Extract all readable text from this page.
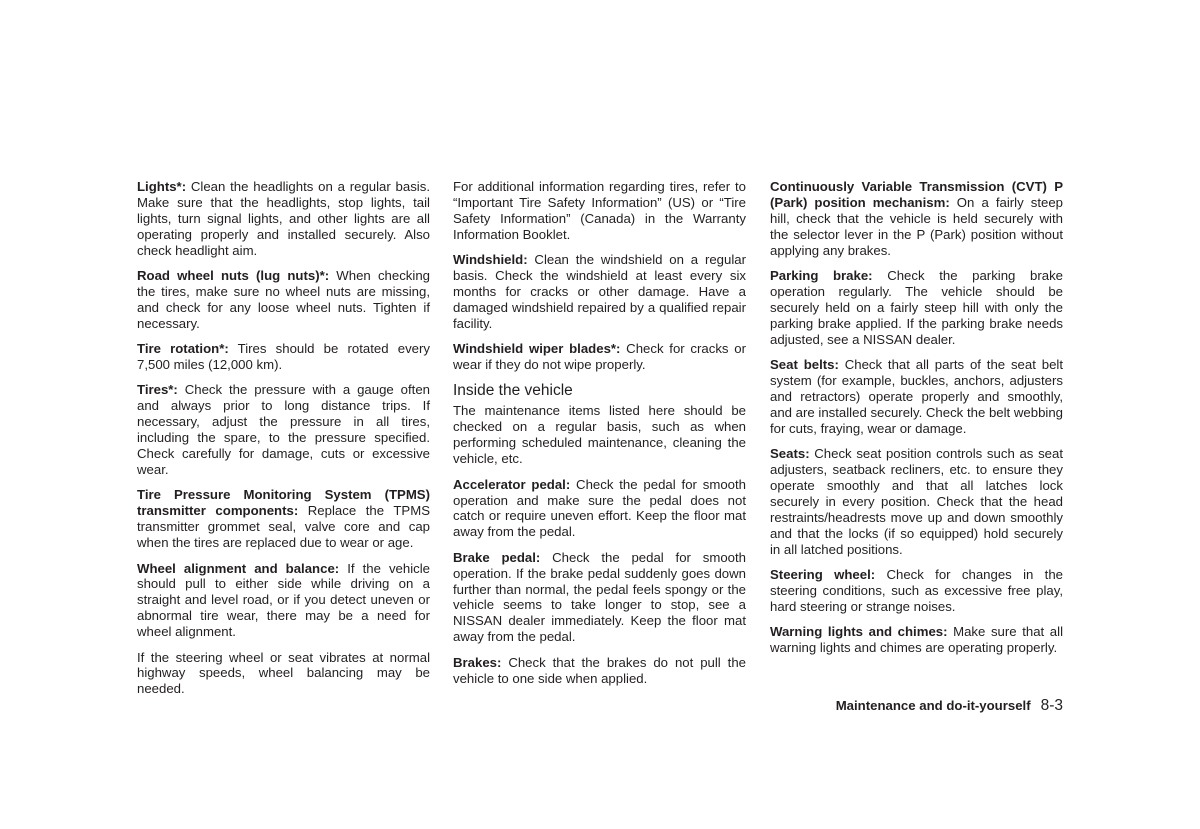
Lights*: Clean the headlights on a regular basis. Make sure that the headlights, stop lights, tail lights, turn signal lights, and other lights are all operating properly and installed securely. Also check headlight aim.

Road wheel nuts (lug nuts)*: When checking the tires, make sure no wheel nuts are missing, and check for any loose wheel nuts. Tighten if necessary.

Tire rotation*: Tires should be rotated every 7,500 miles (12,000 km).

Tires*: Check the pressure with a gauge often and always prior to long distance trips. If necessary, adjust the pressure in all tires, including the spare, to the pressure specified. Check carefully for damage, cuts or excessive wear.

Tire Pressure Monitoring System (TPMS) transmitter components: Replace the TPMS transmitter grommet seal, valve core and cap when the tires are replaced due to wear or age.

Wheel alignment and balance: If the vehicle should pull to either side while driving on a straight and level road, or if you detect uneven or abnormal tire wear, there may be a need for wheel alignment.

If the steering wheel or seat vibrates at normal highway speeds, wheel balancing may be needed.

For additional information regarding tires, refer to “Important Tire Safety Information” (US) or “Tire Safety Information” (Canada) in the Warranty Information Booklet.

Windshield: Clean the windshield on a regular basis. Check the windshield at least every six months for cracks or other damage. Have a damaged windshield repaired by a qualified repair facility.

Windshield wiper blades*: Check for cracks or wear if they do not wipe properly.

Inside the vehicle

The maintenance items listed here should be checked on a regular basis, such as when performing scheduled maintenance, cleaning the vehicle, etc.

Accelerator pedal: Check the pedal for smooth operation and make sure the pedal does not catch or require uneven effort. Keep the floor mat away from the pedal.

Brake pedal: Check the pedal for smooth operation. If the brake pedal suddenly goes down further than normal, the pedal feels spongy or the vehicle seems to take longer to stop, see a NISSAN dealer immediately. Keep the floor mat away from the pedal.

Brakes: Check that the brakes do not pull the vehicle to one side when applied.

Continuously Variable Transmission (CVT) P (Park) position mechanism: On a fairly steep hill, check that the vehicle is held securely with the selector lever in the P (Park) position without applying any brakes.

Parking brake: Check the parking brake operation regularly. The vehicle should be securely held on a fairly steep hill with only the parking brake applied. If the parking brake needs adjusted, see a NISSAN dealer.

Seat belts: Check that all parts of the seat belt system (for example, buckles, anchors, adjusters and retractors) operate properly and smoothly, and are installed securely. Check the belt webbing for cuts, fraying, wear or damage.

Seats: Check seat position controls such as seat adjusters, seatback recliners, etc. to ensure they operate smoothly and that all latches lock securely in every position. Check that the head restraints/headrests move up and down smoothly and that the locks (if so equipped) hold securely in all latched positions.

Steering wheel: Check for changes in the steering conditions, such as excessive free play, hard steering or strange noises.

Warning lights and chimes: Make sure that all warning lights and chimes are operating properly.

Maintenance and do-it-yourself 8-3
